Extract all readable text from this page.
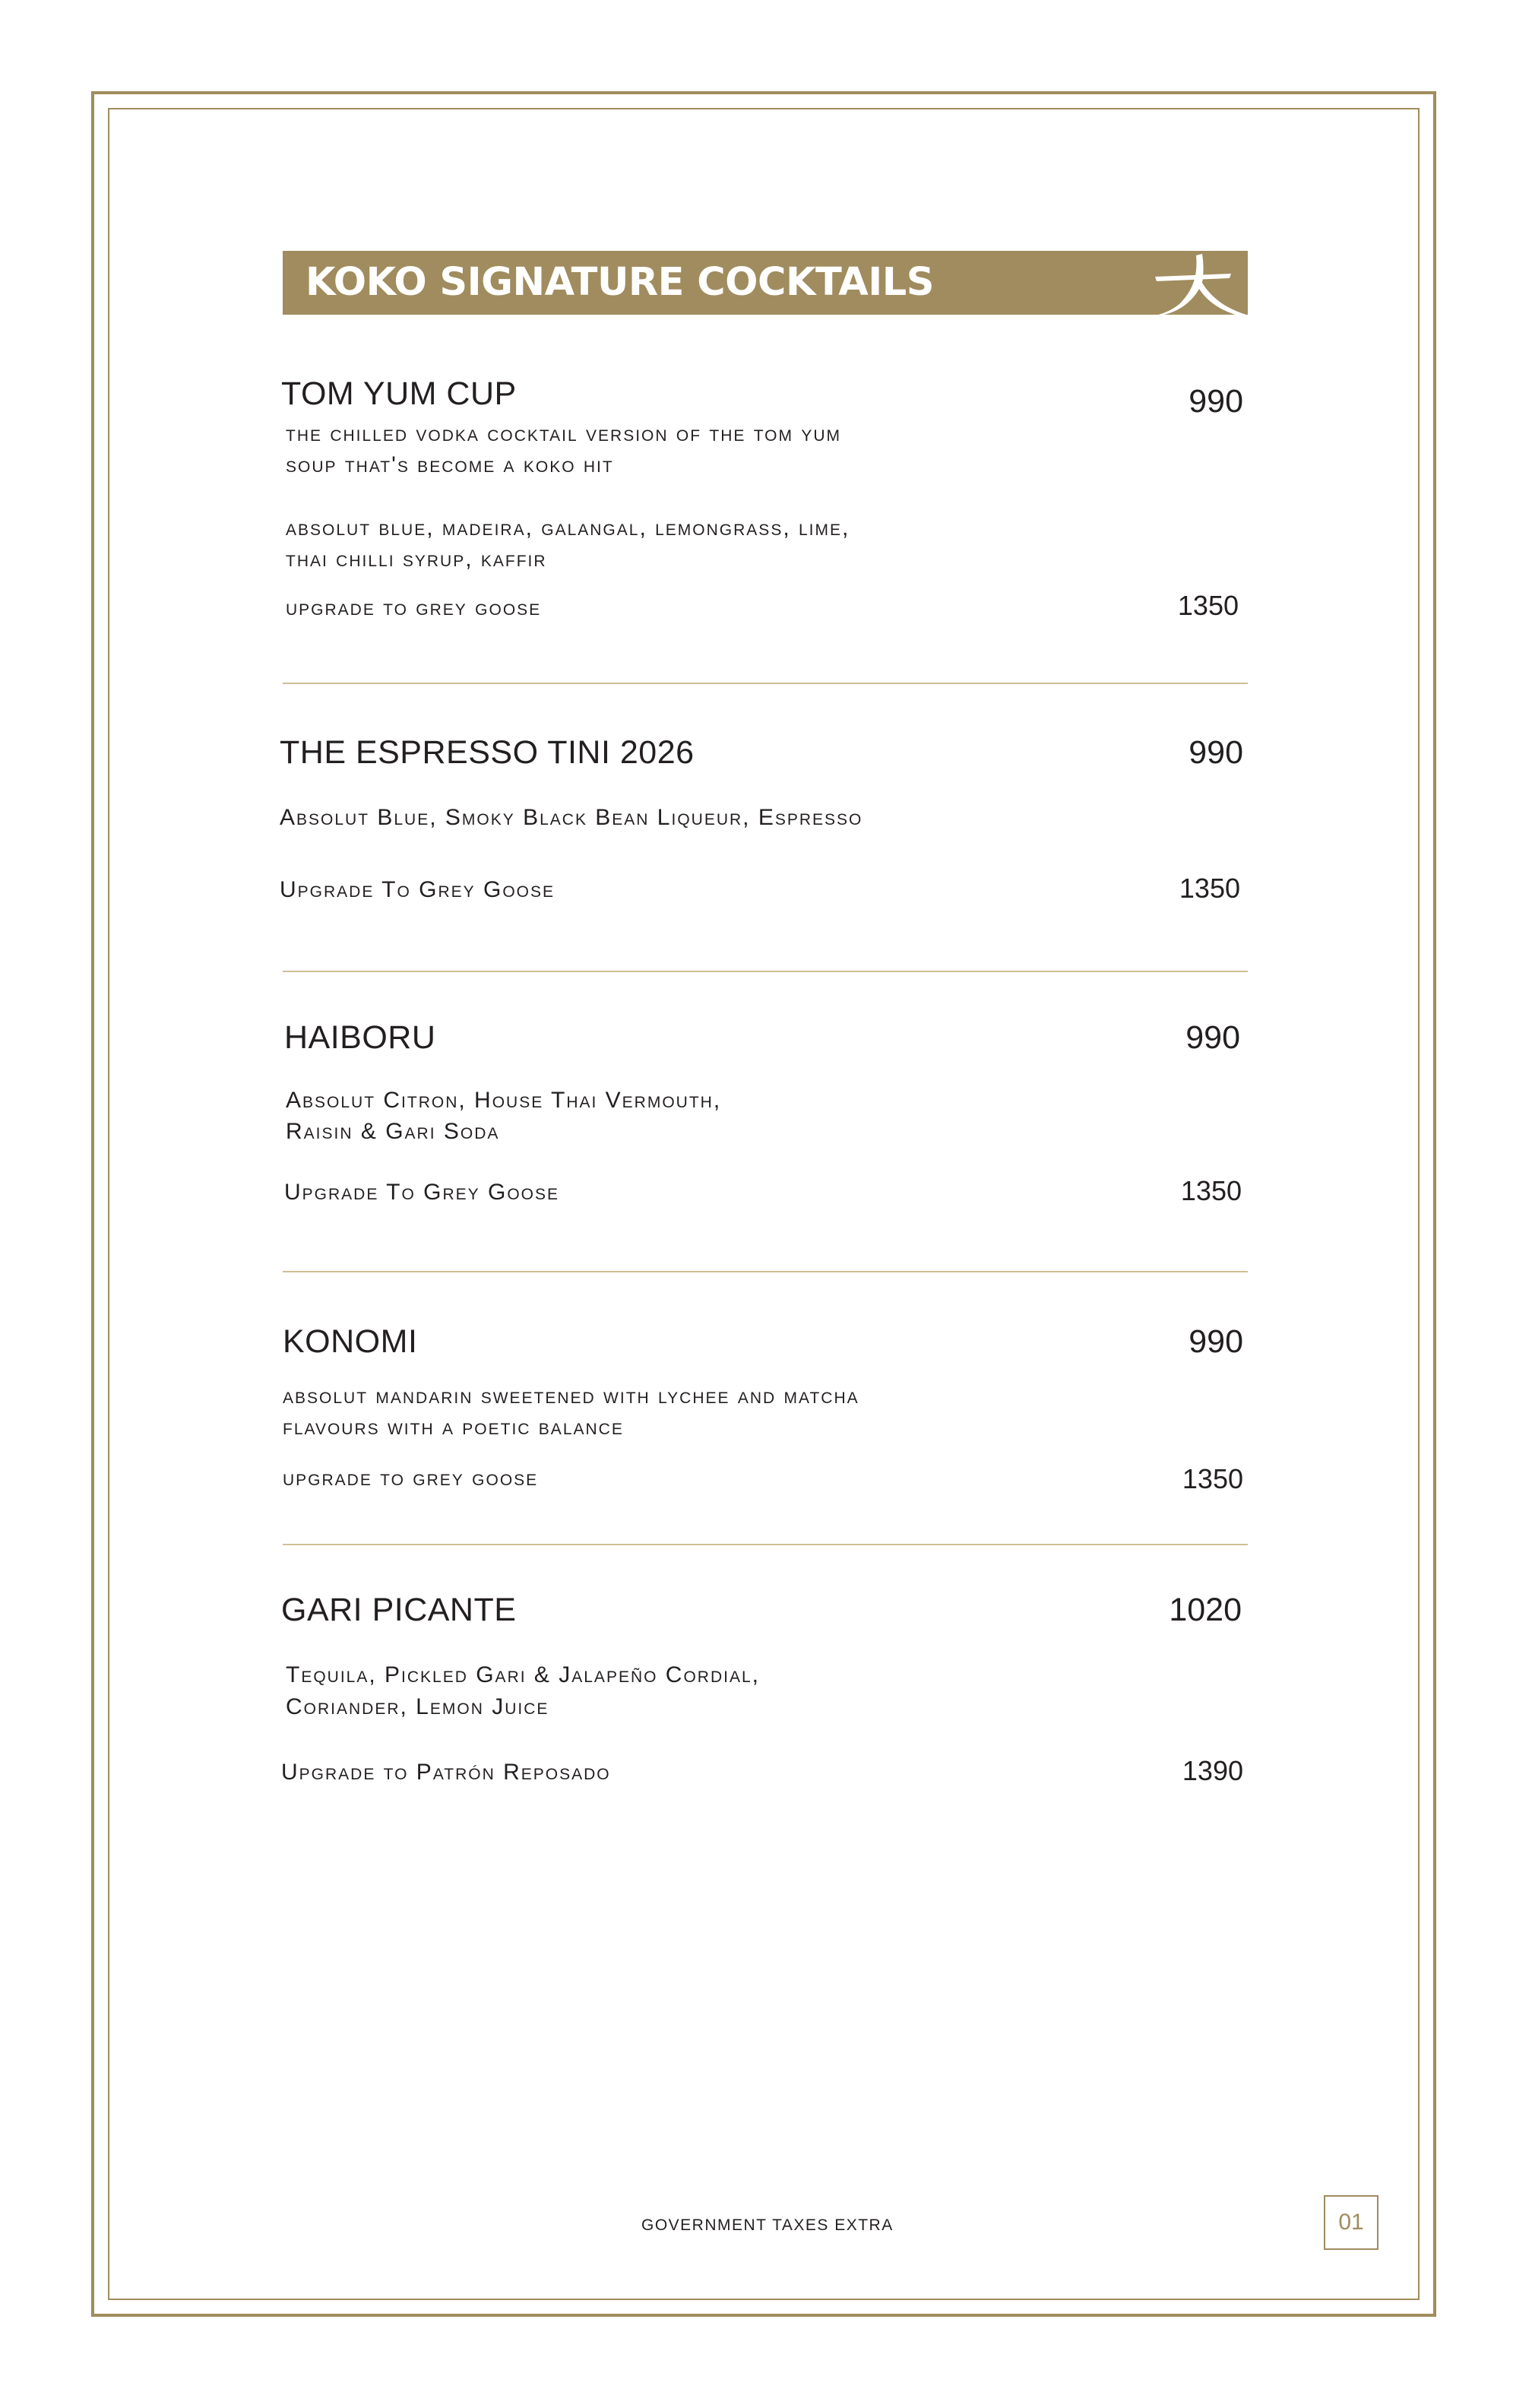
KOKO SIGNATURE COCKTAILS
TOM YUM CUP	990
the chilled vodka cocktail version of the tom yum
soup that's become a koko hit
absolut blue, madeira, galangal, lemongrass, lime,
thai chilli syrup, kaffir
upgrade to grey goose	1350
THE ESPRESSO TINI 2026	990
Absolut Blue, Smoky Black Bean Liqueur, Espresso
Upgrade To Grey Goose	1350
HAIBORU	990
Absolut Citron, House Thai Vermouth,
Raisin & Gari Soda
Upgrade To Grey Goose	1350
KONOMI	990
absolut mandarin sweetened with lychee and matcha
flavours with a poetic balance
upgrade to grey goose	1350
GARI PICANTE	1020
Tequila, Pickled Gari & Jalapeño Cordial,
Coriander, Lemon Juice
Upgrade to Patrón Reposado	1390
GOVERNMENT TAXES EXTRA	01
